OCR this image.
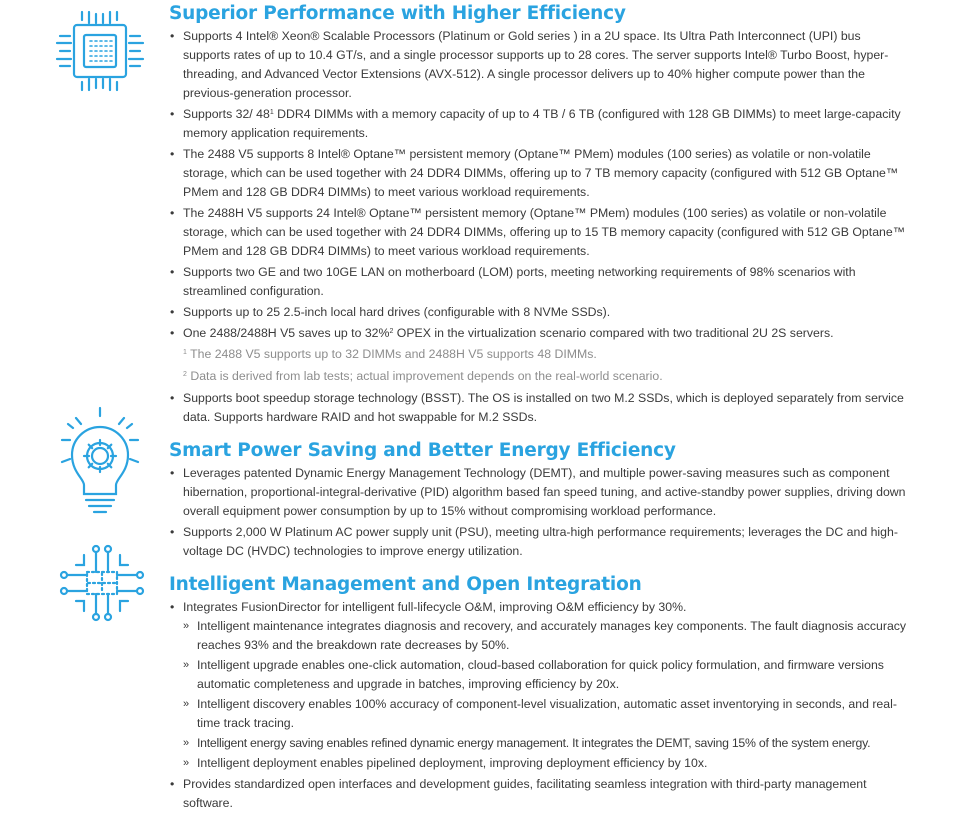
Superior Performance with Higher Efficiency
• Supports 4 Intel® Xeon® Scalable Processors (Platinum or Gold series ) in a 2U space. Its Ultra Path Interconnect (UPI) bus supports rates of up to 10.4 GT/s, and a single processor supports up to 28 cores. The server supports Intel® Turbo Boost, hyper-threading, and Advanced Vector Extensions (AVX-512). A single processor delivers up to 40% higher compute power than the previous-generation processor.
• Supports 32/ $48^1$ DDR4 DIMMs with a memory capacity of up to 4 TB / 6 TB (configured with 128 GB DIMMs) to meet large-capacity memory application requirements.
• The 2488 V5 supports 8 Intel® Optane™ persistent memory (Optane™ PMem) modules (100 series) as volatile or non-volatile storage, which can be used together with 24 DDR4 DIMMs, offering up to 7 TB memory capacity (configured with 512 GB Optane™ PMem and 128 GB DDR4 DIMMs) to meet various workload requirements.
• The 2488H V5 supports 24 Intel® Optane™ persistent memory (Optane™ PMem) modules (100 series) as volatile or non-volatile storage, which can be used together with 24 DDR4 DIMMs, offering up to 15 TB memory capacity (configured with 512 GB Optane™ PMem and 128 GB DDR4 DIMMs) to meet various workload requirements.
• Supports two GE and two 10GE LAN on motherboard (LOM) ports, meeting networking requirements of 98% scenarios with streamlined configuration.
• Supports up to 25 2.5-inch local hard drives (configurable with 8 NVMe SSDs).
• One 2488/2488H V5 saves up to 32%$^2$ OPEX in the virtualization scenario compared with two traditional 2U 2S servers.
$^1$ The 2488 V5 supports up to 32 DIMMs and 2488H V5 supports 48 DIMMs.
$^2$ Data is derived from lab tests; actual improvement depends on the real-world scenario.
• Supports boot speedup storage technology (BSST). The OS is installed on two M.2 SSDs, which is deployed separately from service data. Supports hardware RAID and hot swappable for M.2 SSDs.
Smart Power Saving and Better Energy Efficiency
• Leverages patented Dynamic Energy Management Technology (DEMT), and multiple power-saving measures such as component hibernation, proportional-integral-derivative (PID) algorithm based fan speed tuning, and active-standby power supplies, driving down overall equipment power consumption by up to 15% without compromising workload performance.
• Supports 2,000 W Platinum AC power supply unit (PSU), meeting ultra-high performance requirements; leverages the DC and high-voltage DC (HVDC) technologies to improve energy utilization.
Intelligent Management and Open Integration
• Integrates FusionDirector for intelligent full-lifecycle O&M, improving O&M efficiency by 30%.
» Intelligent maintenance integrates diagnosis and recovery, and accurately manages key components. The fault diagnosis accuracy reaches 93% and the breakdown rate decreases by 50%.
» Intelligent upgrade enables one-click automation, cloud-based collaboration for quick policy formulation, and firmware versions automatic completeness and upgrade in batches, improving efficiency by 20x.
» Intelligent discovery enables 100% accuracy of component-level visualization, automatic asset inventorying in seconds, and real-time track tracing.
» Intelligent energy saving enables refined dynamic energy management. It integrates the DEMT, saving 15% of the system energy.
» Intelligent deployment enables pipelined deployment, improving deployment efficiency by 10x.
• Provides standardized open interfaces and development guides, facilitating seamless integration with third-party management software.
